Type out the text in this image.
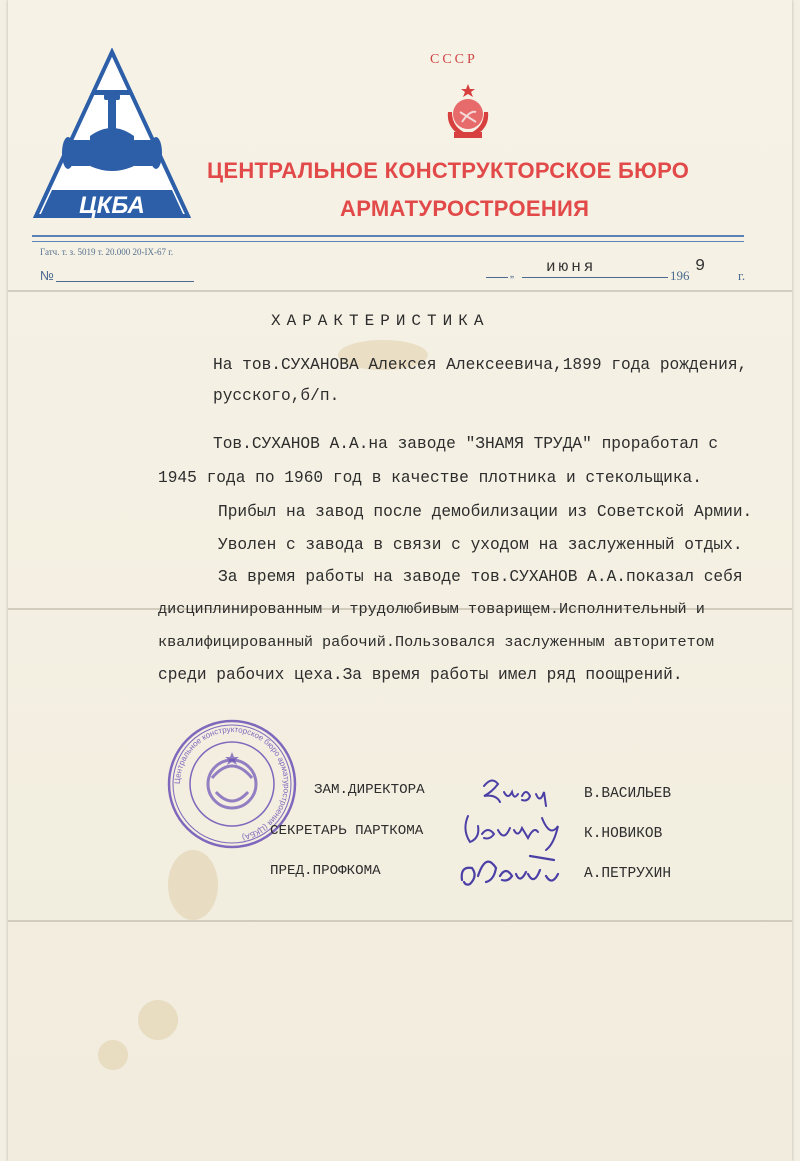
ЦКБА
СССР
ЦЕНТРАЛЬНОЕ КОНСТРУКТОРСКОЕ БЮРО
АРМАТУРОСТРОЕНИЯ
Гатч. т. з. 5019 т. 20.000 20-IX-67 г.
№	„ июня	196 9	г.
ХАРАКТЕРИСТИКА
На тов.СУХАНОВА Алексея Алексеевича,1899 года рождения,
русского,б/п.
Тов.СУХАНОВ А.А.на заводе "ЗНАМЯ ТРУДА" проработал с
1945 года по 1960 год в качестве плотника и стекольщика.
Прибыл на завод после демобилизации из Советской Армии.
Уволен с завода в связи с уходом на заслуженный отдых.
За время работы на заводе тов.СУХАНОВ А.А.показал себя
дисциплинированным и трудолюбивым товарищем.Исполнительный и
квалифицированный рабочий.Пользовался заслуженным авторитетом
среди рабочих цеха.За время работы имел ряд поощрений.
Центральное конструкторское бюро арматуростроения (ЦКБА)
ЗАМ.ДИРЕКТОРА	В.ВАСИЛЬЕВ
СЕКРЕТАРЬ ПАРТКОМА	К.НОВИКОВ
ПРЕД.ПРОФКОМА	А.ПЕТРУХИН
